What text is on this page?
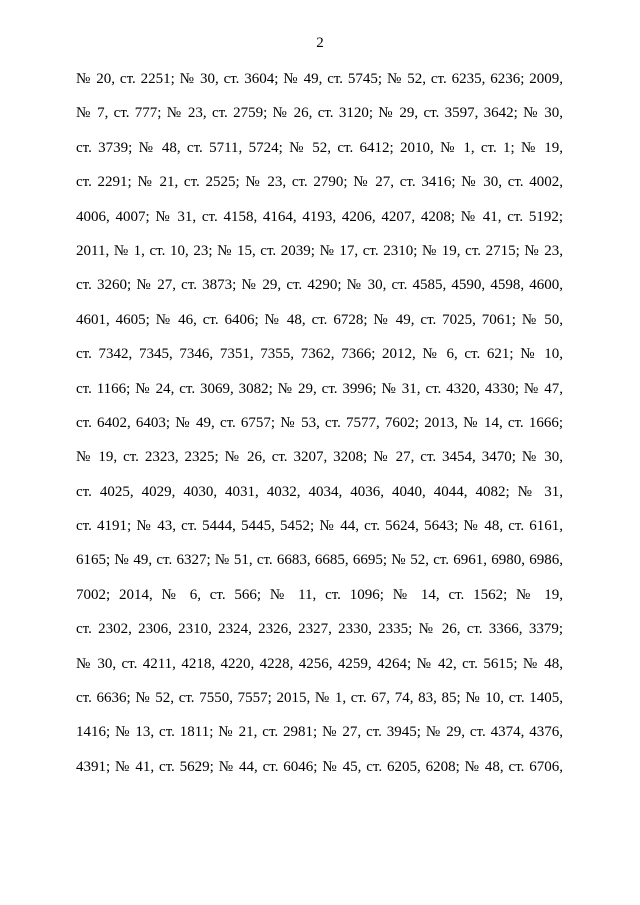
2
№ 20, ст. 2251; № 30, ст. 3604; № 49, ст. 5745; № 52, ст. 6235, 6236; 2009,
№ 7, ст. 777; № 23, ст. 2759; № 26, ст. 3120; № 29, ст. 3597, 3642; № 30,
ст. 3739; № 48, ст. 5711, 5724; № 52, ст. 6412; 2010, № 1, ст. 1; № 19,
ст. 2291; № 21, ст. 2525; № 23, ст. 2790; № 27, ст. 3416; № 30, ст. 4002,
4006, 4007; № 31, ст. 4158, 4164, 4193, 4206, 4207, 4208; № 41, ст. 5192;
2011, № 1, ст. 10, 23; № 15, ст. 2039; № 17, ст. 2310; № 19, ст. 2715; № 23,
ст. 3260; № 27, ст. 3873; № 29, ст. 4290; № 30, ст. 4585, 4590, 4598, 4600,
4601, 4605; № 46, ст. 6406; № 48, ст. 6728; № 49, ст. 7025, 7061; № 50,
ст. 7342, 7345, 7346, 7351, 7355, 7362, 7366; 2012, № 6, ст. 621; № 10,
ст. 1166; № 24, ст. 3069, 3082; № 29, ст. 3996; № 31, ст. 4320, 4330; № 47,
ст. 6402, 6403; № 49, ст. 6757; № 53, ст. 7577, 7602; 2013, № 14, ст. 1666;
№ 19, ст. 2323, 2325; № 26, ст. 3207, 3208; № 27, ст. 3454, 3470; № 30,
ст. 4025, 4029, 4030, 4031, 4032, 4034, 4036, 4040, 4044, 4082; № 31,
ст. 4191; № 43, ст. 5444, 5445, 5452; № 44, ст. 5624, 5643; № 48, ст. 6161,
6165; № 49, ст. 6327; № 51, ст. 6683, 6685, 6695; № 52, ст. 6961, 6980, 6986,
7002; 2014, № 6, ст. 566; № 11, ст. 1096; № 14, ст. 1562; № 19,
ст. 2302, 2306, 2310, 2324, 2326, 2327, 2330, 2335; № 26, ст. 3366, 3379;
№ 30, ст. 4211, 4218, 4220, 4228, 4256, 4259, 4264; № 42, ст. 5615; № 48,
ст. 6636; № 52, ст. 7550, 7557; 2015, № 1, ст. 67, 74, 83, 85; № 10, ст. 1405,
1416; № 13, ст. 1811; № 21, ст. 2981; № 27, ст. 3945; № 29, ст. 4374, 4376,
4391; № 41, ст. 5629; № 44, ст. 6046; № 45, ст. 6205, 6208; № 48, ст. 6706,
